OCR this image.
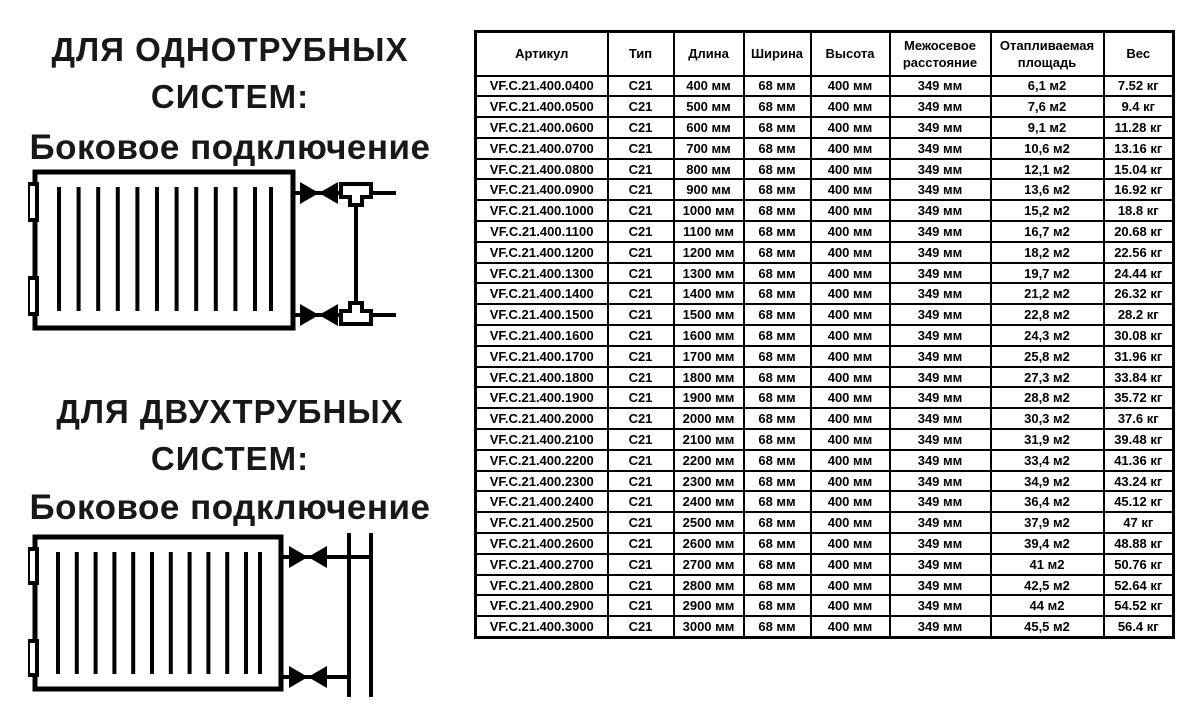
ДЛЯ ОДНОТРУБНЫХ
СИСТЕМ:
Боковое подключение
ДЛЯ ДВУХТРУБНЫХ
СИСТЕМ:
Боковое подключение
Артикул	Тип	Длина	Ширина	Высота	Межосевое расстояние	Отапливаемая площадь	Вес
VF.C.21.400.0400	C21	400 мм	68 мм	400 мм	349 мм	6,1 м2	7.52 кг
VF.C.21.400.0500	C21	500 мм	68 мм	400 мм	349 мм	7,6 м2	9.4 кг
VF.C.21.400.0600	C21	600 мм	68 мм	400 мм	349 мм	9,1 м2	11.28 кг
VF.C.21.400.0700	C21	700 мм	68 мм	400 мм	349 мм	10,6 м2	13.16 кг
VF.C.21.400.0800	C21	800 мм	68 мм	400 мм	349 мм	12,1 м2	15.04 кг
VF.C.21.400.0900	C21	900 мм	68 мм	400 мм	349 мм	13,6 м2	16.92 кг
VF.C.21.400.1000	C21	1000 мм	68 мм	400 мм	349 мм	15,2 м2	18.8 кг
VF.C.21.400.1100	C21	1100 мм	68 мм	400 мм	349 мм	16,7 м2	20.68 кг
VF.C.21.400.1200	C21	1200 мм	68 мм	400 мм	349 мм	18,2 м2	22.56 кг
VF.C.21.400.1300	C21	1300 мм	68 мм	400 мм	349 мм	19,7 м2	24.44 кг
VF.C.21.400.1400	C21	1400 мм	68 мм	400 мм	349 мм	21,2 м2	26.32 кг
VF.C.21.400.1500	C21	1500 мм	68 мм	400 мм	349 мм	22,8 м2	28.2 кг
VF.C.21.400.1600	C21	1600 мм	68 мм	400 мм	349 мм	24,3 м2	30.08 кг
VF.C.21.400.1700	C21	1700 мм	68 мм	400 мм	349 мм	25,8 м2	31.96 кг
VF.C.21.400.1800	C21	1800 мм	68 мм	400 мм	349 мм	27,3 м2	33.84 кг
VF.C.21.400.1900	C21	1900 мм	68 мм	400 мм	349 мм	28,8 м2	35.72 кг
VF.C.21.400.2000	C21	2000 мм	68 мм	400 мм	349 мм	30,3 м2	37.6 кг
VF.C.21.400.2100	C21	2100 мм	68 мм	400 мм	349 мм	31,9 м2	39.48 кг
VF.C.21.400.2200	C21	2200 мм	68 мм	400 мм	349 мм	33,4 м2	41.36 кг
VF.C.21.400.2300	C21	2300 мм	68 мм	400 мм	349 мм	34,9 м2	43.24 кг
VF.C.21.400.2400	C21	2400 мм	68 мм	400 мм	349 мм	36,4 м2	45.12 кг
VF.C.21.400.2500	C21	2500 мм	68 мм	400 мм	349 мм	37,9 м2	47 кг
VF.C.21.400.2600	C21	2600 мм	68 мм	400 мм	349 мм	39,4 м2	48.88 кг
VF.C.21.400.2700	C21	2700 мм	68 мм	400 мм	349 мм	41 м2	50.76 кг
VF.C.21.400.2800	C21	2800 мм	68 мм	400 мм	349 мм	42,5 м2	52.64 кг
VF.C.21.400.2900	C21	2900 мм	68 мм	400 мм	349 мм	44 м2	54.52 кг
VF.C.21.400.3000	C21	3000 мм	68 мм	400 мм	349 мм	45,5 м2	56.4 кг
